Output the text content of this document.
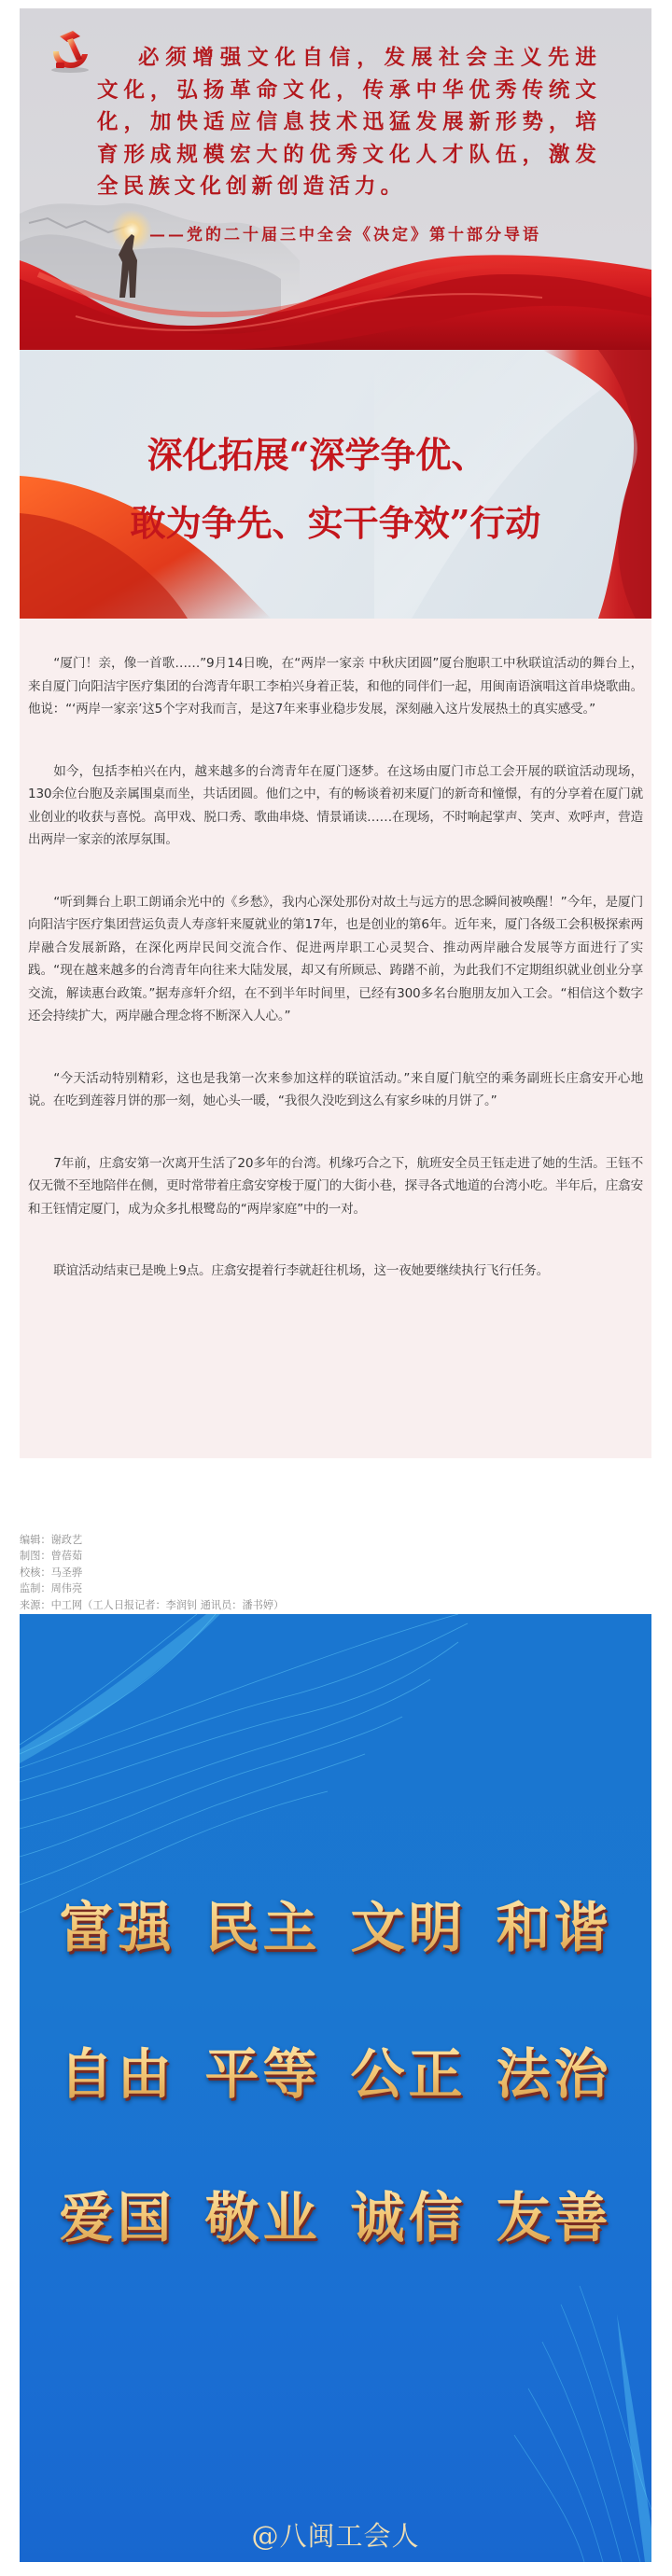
必须增强文化自信，发展社会主义先进文化，弘扬革命文化，传承中华优秀传统文化，加快适应信息技术迅猛发展新形势，培育形成规模宏大的优秀文化人才队伍，激发全民族文化创新创造活力。
——党的二十届三中全会《决定》第十部分导语
深化拓展“深学争优、
敢为争先、实干争效”行动

“厦门！亲，像一首歌……”9月14日晚，在“两岸一家亲 中秋庆团圆”厦台胞职工中秋联谊活动的舞台上，来自厦门向阳洁宇医疗集团的台湾青年职工李柏兴身着正装，和他的同伴们一起，用闽南语演唱这首串烧歌曲。他说：“‘两岸一家亲’这5个字对我而言，是这7年来事业稳步发展，深刻融入这片发展热土的真实感受。”

如今，包括李柏兴在内，越来越多的台湾青年在厦门逐梦。在这场由厦门市总工会开展的联谊活动现场，130余位台胞及亲属围桌而坐，共话团圆。他们之中，有的畅谈着初来厦门的新奇和憧憬，有的分享着在厦门就业创业的收获与喜悦。高甲戏、脱口秀、歌曲串烧、情景诵读……在现场，不时响起掌声、笑声、欢呼声，营造出两岸一家亲的浓厚氛围。

“听到舞台上职工朗诵余光中的《乡愁》，我内心深处那份对故土与远方的思念瞬间被唤醒！”今年，是厦门向阳洁宇医疗集团营运负责人寿彦轩来厦就业的第17年，也是创业的第6年。近年来，厦门各级工会积极探索两岸融合发展新路，在深化两岸民间交流合作、促进两岸职工心灵契合、推动两岸融合发展等方面进行了实践。“现在越来越多的台湾青年向往来大陆发展，却又有所顾忌、踌躇不前，为此我们不定期组织就业创业分享交流，解读惠台政策。”据寿彦轩介绍，在不到半年时间里，已经有300多名台胞朋友加入工会。“相信这个数字还会持续扩大，两岸融合理念将不断深入人心。”

“今天活动特别精彩，这也是我第一次来参加这样的联谊活动。”来自厦门航空的乘务副班长庄翕安开心地说。在吃到莲蓉月饼的那一刻，她心头一暖，“我很久没吃到这么有家乡味的月饼了。”

7年前，庄翕安第一次离开生活了20多年的台湾。机缘巧合之下，航班安全员王钰走进了她的生活。王钰不仅无微不至地陪伴在侧，更时常带着庄翕安穿梭于厦门的大街小巷，探寻各式地道的台湾小吃。半年后，庄翕安和王钰情定厦门，成为众多扎根鹭岛的“两岸家庭”中的一对。

联谊活动结束已是晚上9点。庄翕安提着行李就赶往机场，这一夜她要继续执行飞行任务。

编辑：谢政艺
制图：曾蓓茹
校核：马圣骅
监制：周伟亮
来源：中工网（工人日报记者：李润钊 通讯员：潘书婷）
富强 民主 文明 和谐
自由 平等 公正 法治
爱国 敬业 诚信 友善
@八闽工会人
